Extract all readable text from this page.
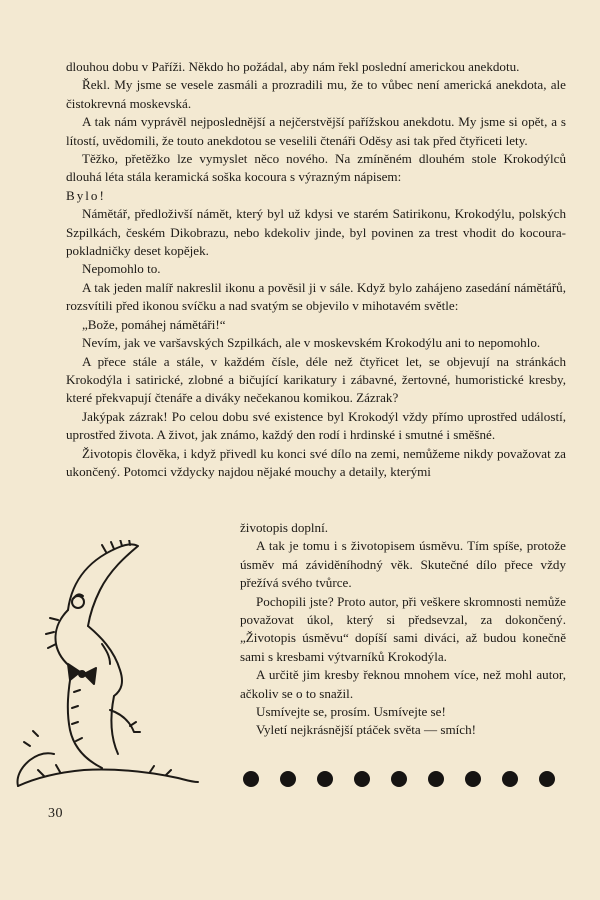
dlouhou dobu v Paříži. Někdo ho požádal, aby nám řekl poslední americkou anekdotu.

Řekl. My jsme se vesele zasmáli a prozradili mu, že to vůbec není americká anekdota, ale čistokrevná moskevská.

A tak nám vyprávěl nejposlednější a nejčerstvější pařížskou anekdotu. My jsme si opět, a s lítostí, uvědomili, že touto anekdotou se veselili čtenáři Oděsy asi tak před čtyřiceti lety.

Těžko, přetěžko lze vymyslet něco nového. Na zmíněném dlouhém stole Krokodýlců dlouhá léta stála keramická soška kocoura s výrazným nápisem:

Bylo!

Námětář, předloživší námět, který byl už kdysi ve starém Satirikonu, Krokodýlu, polských Szpilkách, českém Dikobrazu, nebo kdekoliv jinde, byl povinen za trest vhodit do kocoura-pokladničky deset kopějek.

Nepomohlo to.

A tak jeden malíř nakreslil ikonu a pověsil ji v sále. Když bylo zahájeno zasedání námětářů, rozsvítili před ikonou svíčku a nad svatým se objevilo v mihotavém světle:

„Bože, pomáhej námětáři!“

Nevím, jak ve varšavských Szpilkách, ale v moskevském Krokodýlu ani to nepomohlo.

A přece stále a stále, v každém čísle, déle než čtyřicet let, se objevují na stránkách Krokodýla i satirické, zlobné a bičující karikatury i zábavné, žertovné, humoristické kresby, které překvapují čtenáře a diváky nečekanou komikou. Zázrak?

Jakýpak zázrak! Po celou dobu své existence byl Krokodýl vždy přímo uprostřed událostí, uprostřed života. A život, jak známo, každý den rodí i hrdinské i smutné i směšné.

Životopis člověka, i když přivedl ku konci své dílo na zemi, nemůžeme nikdy považovat za ukončený. Potomci vždycky najdou nějaké mouchy a detaily, kterými

životopis doplní.

A tak je tomu i s životopisem úsměvu. Tím spíše, protože úsměv má záviděníhodný věk. Skutečné dílo přece vždy přežívá svého tvůrce.

Pochopili jste? Proto autor, při veškere skromnosti nemůže považovat úkol, který si předsevzal, za dokončený. „Životopis úsměvu“ dopíší sami diváci, až budou konečně sami s kresbami výtvarníků Krokodýla.

A určitě jim kresby řeknou mnohem více, než mohl autor, ačkoliv se o to snažil.

Usmívejte se, prosím. Usmívejte se!

Vyletí nejkrásnější ptáček světa — smích!

30
